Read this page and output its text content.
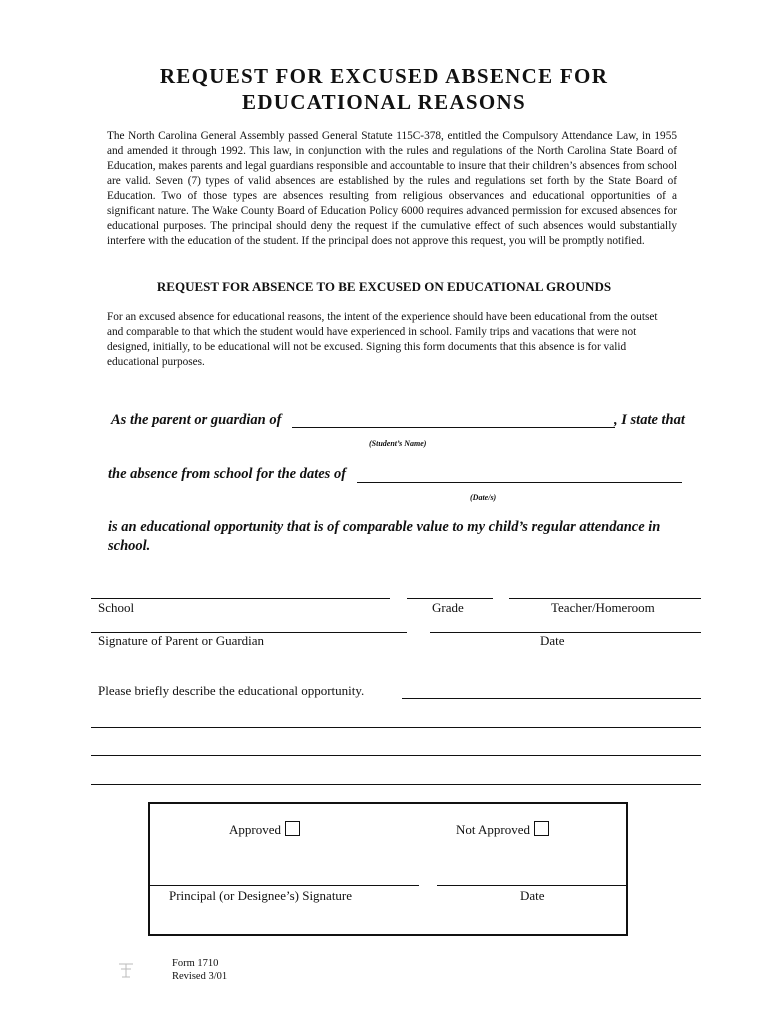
REQUEST FOR EXCUSED ABSENCE FOR
EDUCATIONAL REASONS

The North Carolina General Assembly passed General Statute 115C-378, entitled the Compulsory Attendance Law, in 1955 and amended it through 1992. This law, in conjunction with the rules and regulations of the North Carolina State Board of Education, makes parents and legal guardians responsible and accountable to insure that their children’s absences from school are valid. Seven (7) types of valid absences are established by the rules and regulations set forth by the State Board of Education. Two of those types are absences resulting from religious observances and educational opportunities of a significant nature. The Wake County Board of Education Policy 6000 requires advanced permission for excused absences for educational purposes. The principal should deny the request if the cumulative effect of such absences would substantially interfere with the education of the student. If the principal does not approve this request, you will be promptly notified.

REQUEST FOR ABSENCE TO BE EXCUSED ON EDUCATIONAL GROUNDS

For an excused absence for educational reasons, the intent of the experience should have been educational from the outset and comparable to that which the student would have experienced in school. Family trips and vacations that were not designed, initially, to be educational will not be excused. Signing this form documents that this absence is for valid educational purposes.

As the parent or guardian of	, I state that
(Student’s Name)
the absence from school for the dates of
(Date/s)
is an educational opportunity that is of comparable value to my child’s regular attendance in
school.
School	Grade	Teacher/Homeroom
Signature of Parent or Guardian	Date
Please briefly describe the educational opportunity.
Approved	Not Approved
Principal (or Designee’s) Signature	Date
Form 1710
Revised 3/01
